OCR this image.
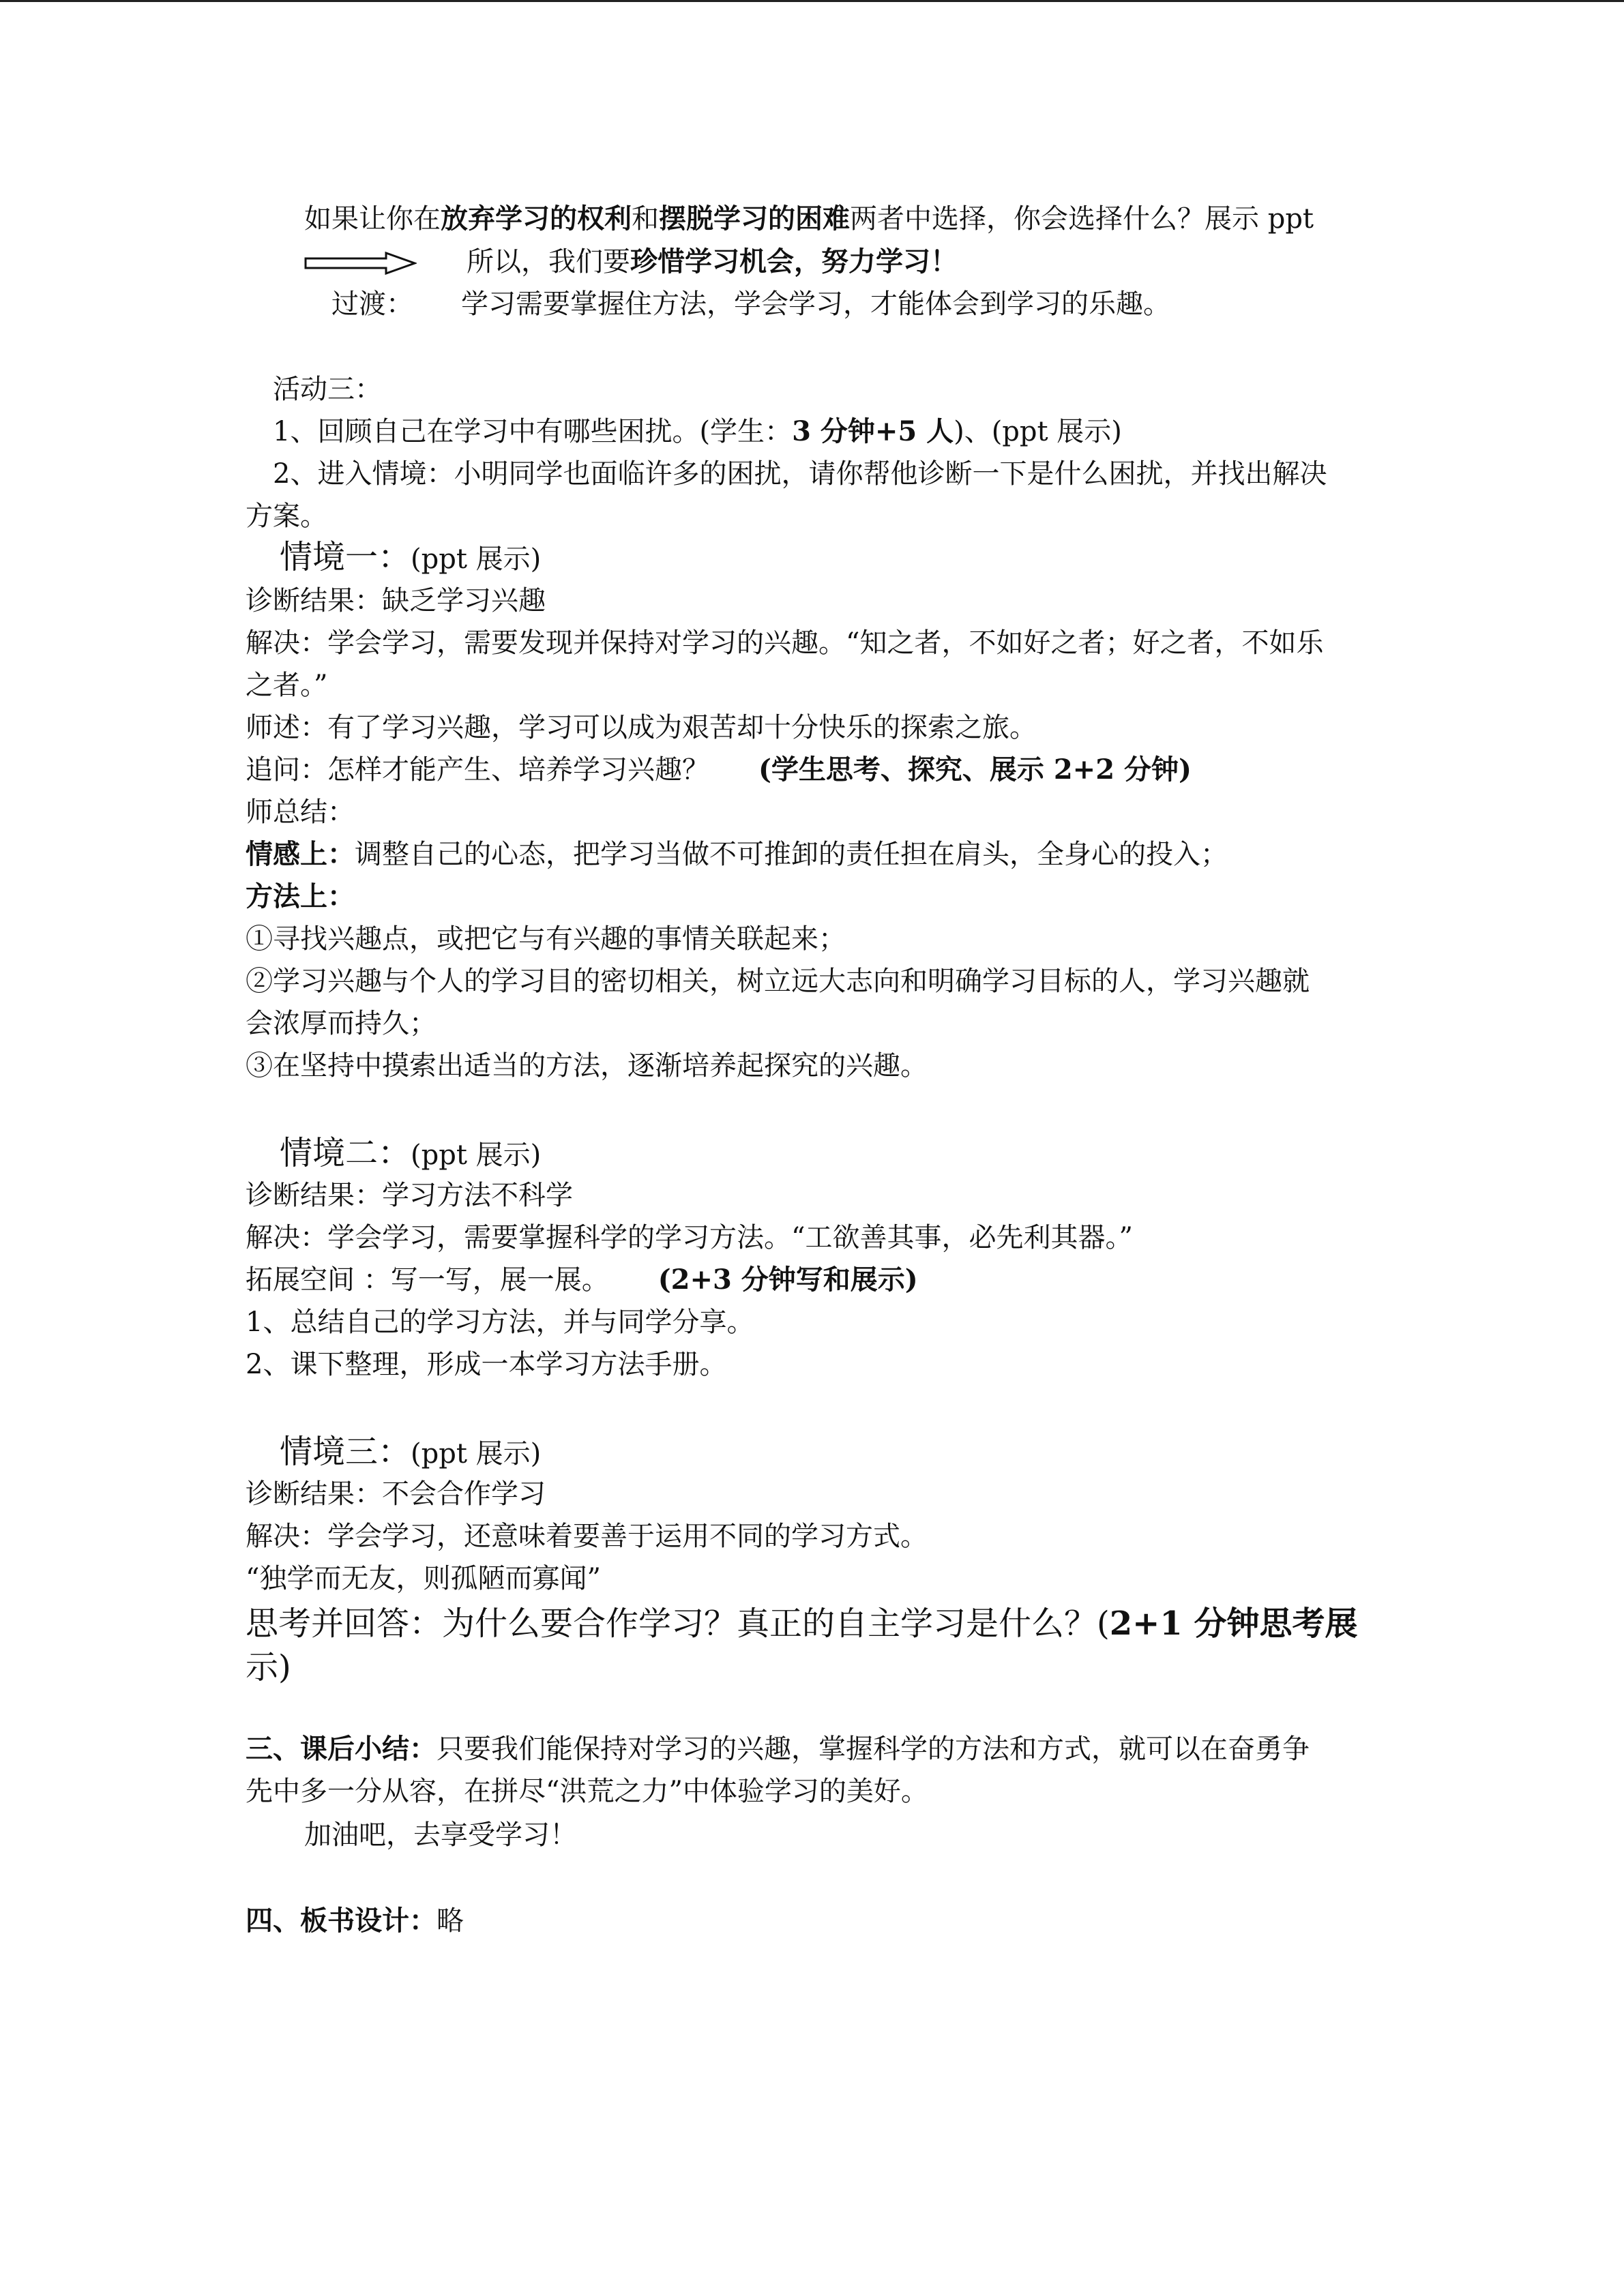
如果让你在放弃学习的权利和摆脱学习的困难两者中选择，你会选择什么？展示 ppt
所以，我们要珍惜学习机会，努力学习！
过渡： 学习需要掌握住方法，学会学习，才能体会到学习的乐趣。
活动三：
1、回顾自己在学习中有哪些困扰。(学生：3 分钟+5 人)、(ppt 展示)
2、进入情境：小明同学也面临许多的困扰，请你帮他诊断一下是什么困扰，并找出解决
方案。
情境一：(ppt 展示)
诊断结果：缺乏学习兴趣
解决：学会学习，需要发现并保持对学习的兴趣。“知之者，不如好之者；好之者，不如乐
之者。”
师述：有了学习兴趣，学习可以成为艰苦却十分快乐的探索之旅。
追问：怎样才能产生、培养学习兴趣？ (学生思考、探究、展示 2+2 分钟)
师总结：
情感上：调整自己的心态，把学习当做不可推卸的责任担在肩头，全身心的投入；
方法上：
①寻找兴趣点，或把它与有兴趣的事情关联起来；
②学习兴趣与个人的学习目的密切相关，树立远大志向和明确学习目标的人，学习兴趣就
会浓厚而持久；
③在坚持中摸索出适当的方法，逐渐培养起探究的兴趣。
情境二：(ppt 展示)
诊断结果：学习方法不科学
解决：学会学习，需要掌握科学的学习方法。“工欲善其事，必先利其器。”
拓展空间 ：写一写，展一展。 (2+3 分钟写和展示)
1、总结自己的学习方法，并与同学分享。
2、课下整理，形成一本学习方法手册。
情境三：(ppt 展示)
诊断结果：不会合作学习
解决：学会学习，还意味着要善于运用不同的学习方式。
“独学而无友，则孤陋而寡闻”
思考并回答：为什么要合作学习？真正的自主学习是什么？(2+1 分钟思考展
示)
三、课后小结：只要我们能保持对学习的兴趣，掌握科学的方法和方式，就可以在奋勇争
先中多一分从容，在拼尽“洪荒之力”中体验学习的美好。
加油吧，去享受学习！
四、板书设计：略
